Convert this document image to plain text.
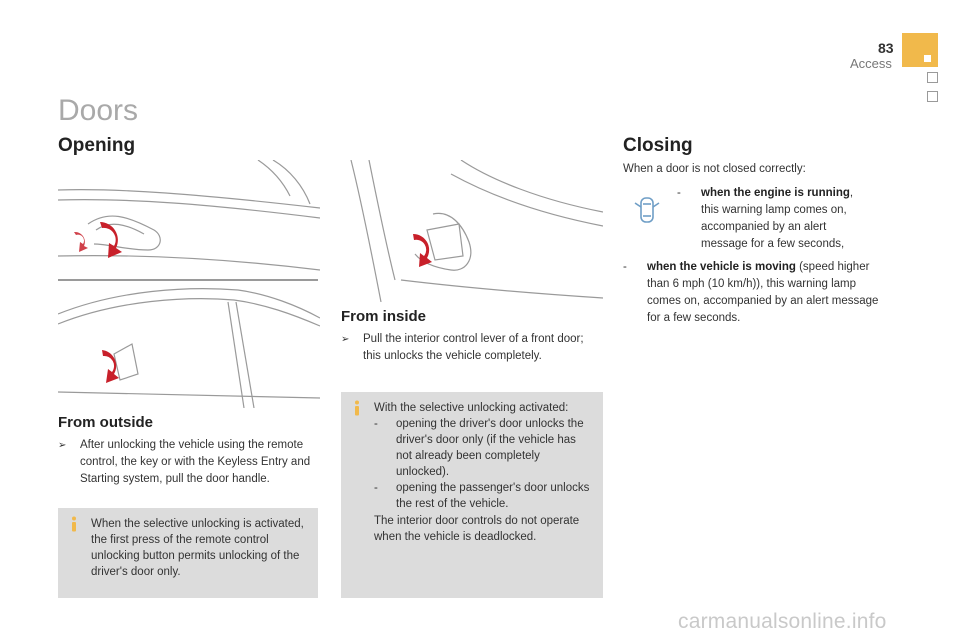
83
Access
Doors
Opening	Closing
From outside
➢	After unlocking the vehicle using the remote control, the key or with the Keyless Entry and Starting system, pull the door handle.
When the selective unlocking is activated, the first press of the remote control unlocking button permits unlocking of the driver's door only.
From inside
➢	Pull the interior control lever of a front door; this unlocks the vehicle completely.
With the selective unlocking activated:
-	opening the driver's door unlocks the driver's door only (if the vehicle has not already been completely unlocked).
-	opening the passenger's door unlocks the rest of the vehicle.
The interior door controls do not operate when the vehicle is deadlocked.
When a door is not closed correctly:
-	when the engine is running, this warning lamp comes on, accompanied by an alert message for a few seconds,
-	when the vehicle is moving (speed higher than 6 mph (10 km/h)), this warning lamp comes on, accompanied by an alert message for a few seconds.
carmanualsonline.info
